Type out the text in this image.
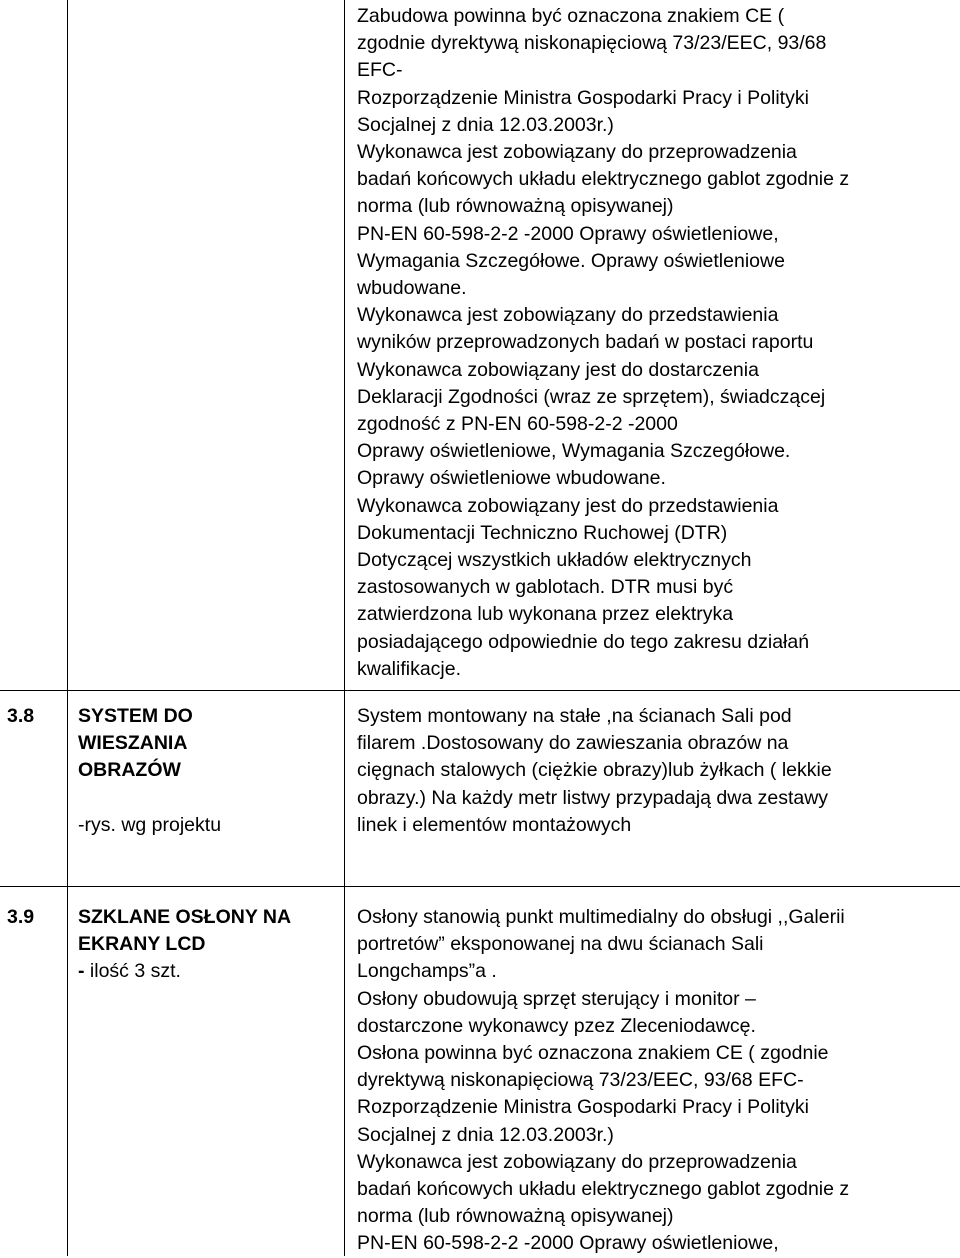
Zabudowa powinna być oznaczona znakiem CE (
zgodnie dyrektywą niskonapięciową 73/23/EEC, 93/68
EFC-
Rozporządzenie Ministra Gospodarki Pracy i Polityki
Socjalnej z dnia 12.03.2003r.)
Wykonawca jest zobowiązany do przeprowadzenia
badań końcowych układu elektrycznego gablot zgodnie z
norma (lub równoważną opisywanej)
PN-EN 60-598-2-2 -2000 Oprawy oświetleniowe,
Wymagania Szczegółowe. Oprawy oświetleniowe
wbudowane.
Wykonawca jest zobowiązany do przedstawienia
wyników przeprowadzonych badań w postaci raportu
Wykonawca zobowiązany jest do dostarczenia
Deklaracji Zgodności (wraz ze sprzętem), świadczącej
zgodność z PN-EN 60-598-2-2 -2000
Oprawy oświetleniowe, Wymagania Szczegółowe.
Oprawy oświetleniowe wbudowane.
Wykonawca zobowiązany jest do przedstawienia
Dokumentacji Techniczno Ruchowej (DTR)
Dotyczącej wszystkich układów elektrycznych
zastosowanych w gablotach. DTR musi być
zatwierdzona lub wykonana przez elektryka
posiadającego odpowiednie do tego zakresu działań
kwalifikacje.
3.8 SYSTEM DO
WIESZANIA
OBRAZÓW
-rys. wg projektu
System montowany na stałe ,na ścianach Sali pod
filarem .Dostosowany do zawieszania obrazów na
cięgnach stalowych (ciężkie obrazy)lub żyłkach ( lekkie
obrazy.) Na każdy metr listwy przypadają dwa zestawy
linek i elementów montażowych
3.9 SZKLANE OSŁONY NA
EKRANY LCD
- ilość 3 szt.
Osłony stanowią punkt multimedialny do obsługi ,,Galerii
portretów” eksponowanej na dwu ścianach Sali
Longchamps”a .
Osłony obudowują sprzęt sterujący i monitor –
dostarczone wykonawcy pzez Zleceniodawcę.
Osłona powinna być oznaczona znakiem CE ( zgodnie
dyrektywą niskonapięciową 73/23/EEC, 93/68 EFC-
Rozporządzenie Ministra Gospodarki Pracy i Polityki
Socjalnej z dnia 12.03.2003r.)
Wykonawca jest zobowiązany do przeprowadzenia
badań końcowych układu elektrycznego gablot zgodnie z
norma (lub równoważną opisywanej)
PN-EN 60-598-2-2 -2000 Oprawy oświetleniowe,
